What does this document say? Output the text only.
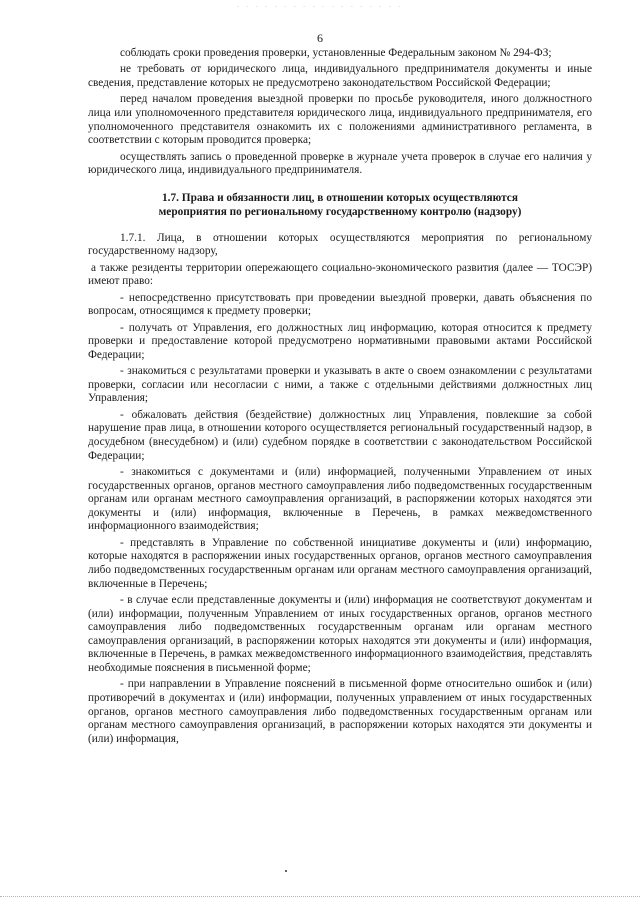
- - - - - - - - - - - - - - - - - -
6

соблюдать сроки проведения проверки, установленные Федеральным законом № 294-ФЗ;

не требовать от юридического лица, индивидуального предпринимателя документы и иные сведения, представление которых не предусмотрено законодательством Российской Федерации;

перед началом проведения выездной проверки по просьбе руководителя, иного должностного лица или уполномоченного представителя юридического лица, индивидуального предпринимателя, его уполномоченного представителя ознакомить их с положениями административного регламента, в соответствии с которым проводится проверка;

осуществлять запись о проведенной проверке в журнале учета проверок в случае его наличия у юридического лица, индивидуального предпринимателя.

1.7. Права и обязанности лиц, в отношении которых осуществляются
мероприятия по региональному государственному контролю (надзору)

1.7.1. Лица, в отношении которых осуществляются мероприятия по региональному государственному надзору,

а также резиденты территории опережающего социально-экономического развития (далее — ТОСЭР) имеют право:

- непосредственно присутствовать при проведении выездной проверки, давать объяснения по вопросам, относящимся к предмету проверки;

- получать от Управления, его должностных лиц информацию, которая относится к предмету проверки и предоставление которой предусмотрено нормативными правовыми актами Российской Федерации;

- знакомиться с результатами проверки и указывать в акте о своем ознакомлении с результатами проверки, согласии или несогласии с ними, а также с отдельными действиями должностных лиц Управления;

- обжаловать действия (бездействие) должностных лиц Управления, повлекшие за собой нарушение прав лица, в отношении которого осуществляется региональный государственный надзор, в досудебном (внесудебном) и (или) судебном порядке в соответствии с законодательством Российской Федерации;

- знакомиться с документами и (или) информацией, полученными Управлением от иных государственных органов, органов местного самоуправления либо подведомственных государственным органам или органам местного самоуправления организаций, в распоряжении которых находятся эти документы и (или) информация, включенные в Перечень, в рамках межведомственного информационного взаимодействия;

- представлять в Управление по собственной инициативе документы и (или) информацию, которые находятся в распоряжении иных государственных органов, органов местного самоуправления либо подведомственных государственным органам или органам местного самоуправления организаций, включенные в Перечень;

- в случае если представленные документы и (или) информация не соответствуют документам и (или) информации, полученным Управлением от иных государственных органов, органов местного самоуправления либо подведомственных государственным органам или органам местного самоуправления организаций, в распоряжении которых находятся эти документы и (или) информация, включенные в Перечень, в рамках межведомственного информационного взаимодействия, представлять необходимые пояснения в письменной форме;

- при направлении в Управление пояснений в письменной форме относительно ошибок и (или) противоречий в документах и (или) информации, полученных управлением от иных государственных органов, органов местного самоуправления либо подведомственных государственным органам или органам местного самоуправления организаций, в распоряжении которых находятся эти документы и (или) информация,
